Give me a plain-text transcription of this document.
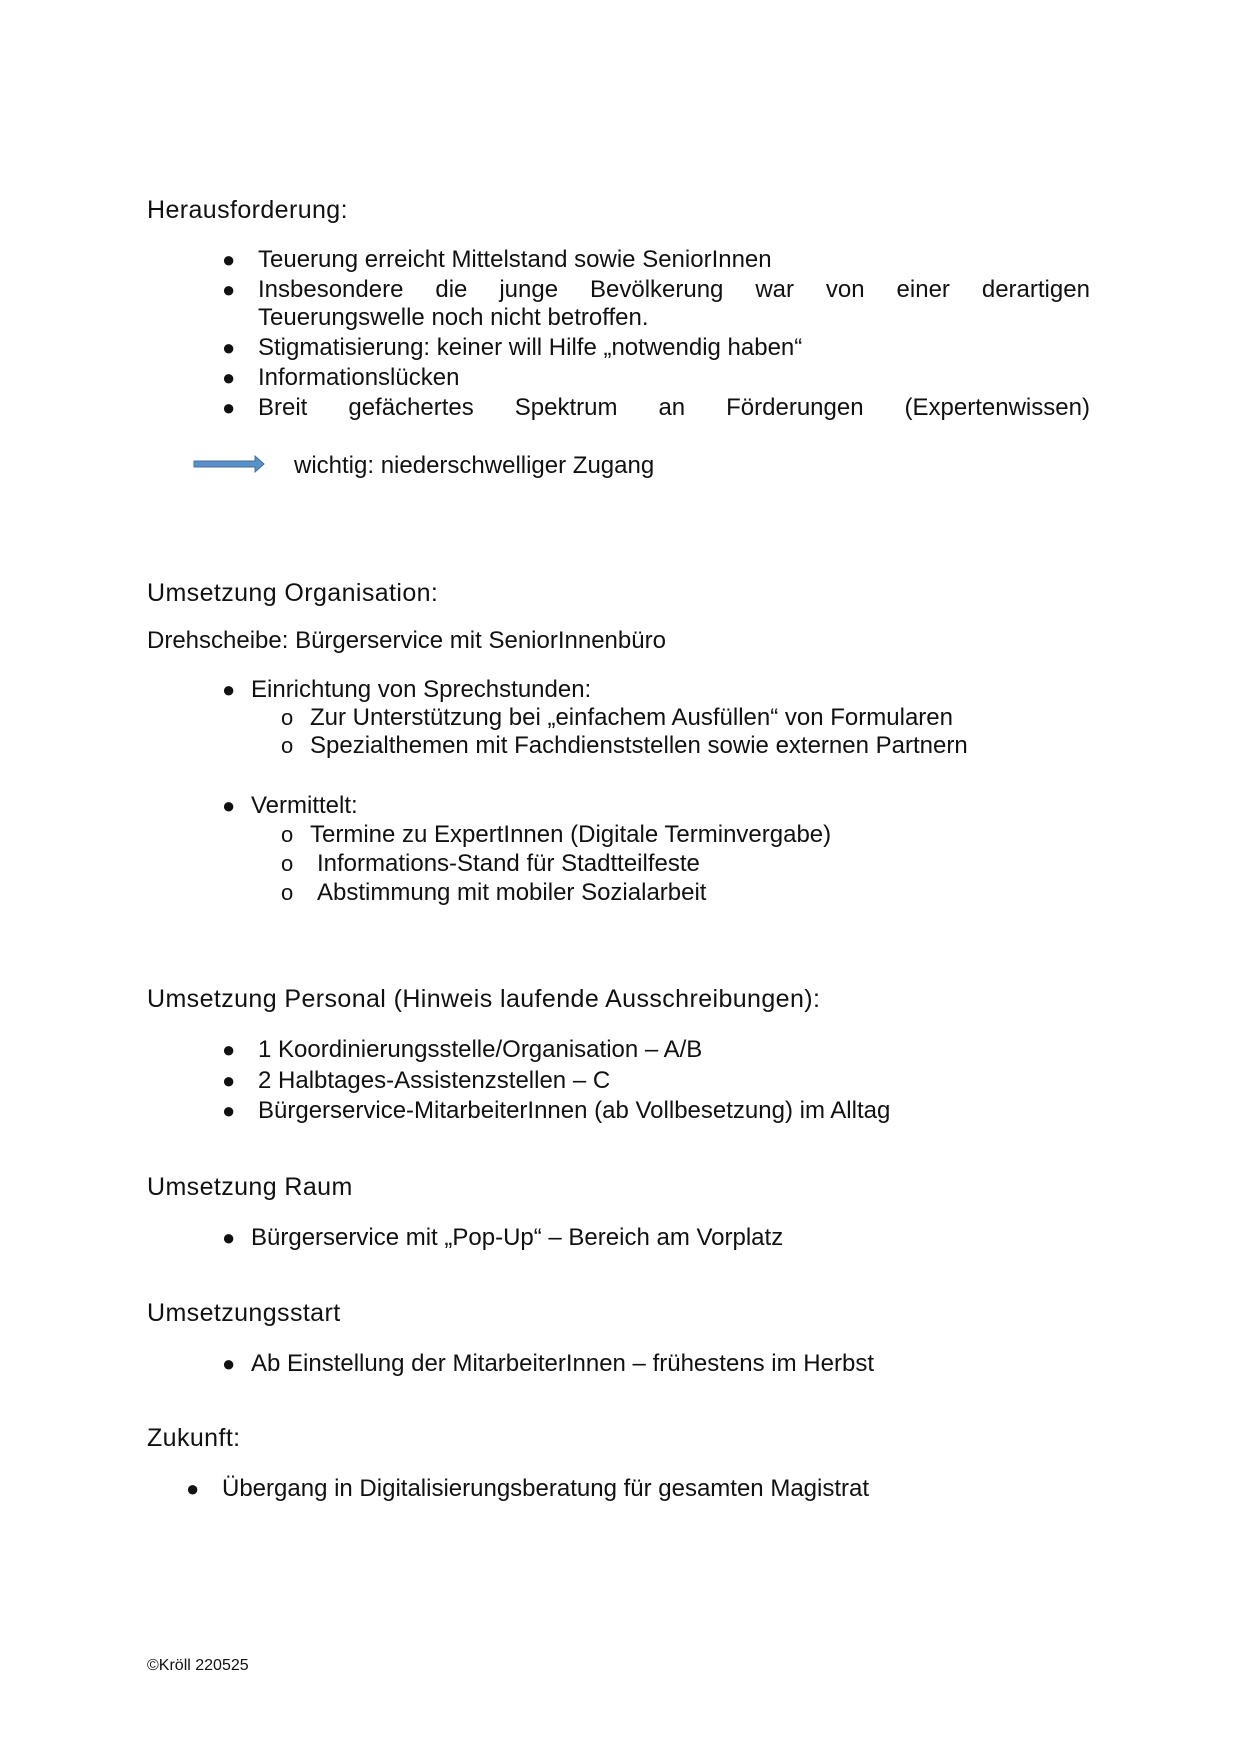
Herausforderung:
● Teuerung erreicht Mittelstand sowie SeniorInnen
● Insbesondere die junge Bevölkerung war von einer derartigen
Teuerungswelle noch nicht betroffen.
● Stigmatisierung: keiner will Hilfe „notwendig haben“
● Informationslücken
● Breit gefächertes Spektrum an Förderungen (Expertenwissen)
wichtig: niederschwelliger Zugang
Umsetzung Organisation:
Drehscheibe: Bürgerservice mit SeniorInnenbüro
● Einrichtung von Sprechstunden:
o Zur Unterstützung bei „einfachem Ausfüllen“ von Formularen
o Spezialthemen mit Fachdienststellen sowie externen Partnern
● Vermittelt:
o Termine zu ExpertInnen (Digitale Terminvergabe)
o Informations-Stand für Stadtteilfeste
o Abstimmung mit mobiler Sozialarbeit
Umsetzung Personal (Hinweis laufende Ausschreibungen):
● 1 Koordinierungsstelle/Organisation – A/B
● 2 Halbtages-Assistenzstellen – C
● Bürgerservice-MitarbeiterInnen (ab Vollbesetzung) im Alltag
Umsetzung Raum
● Bürgerservice mit „Pop-Up“ – Bereich am Vorplatz
Umsetzungsstart
● Ab Einstellung der MitarbeiterInnen – frühestens im Herbst
Zukunft:
● Übergang in Digitalisierungsberatung für gesamten Magistrat
©Kröll 220525
